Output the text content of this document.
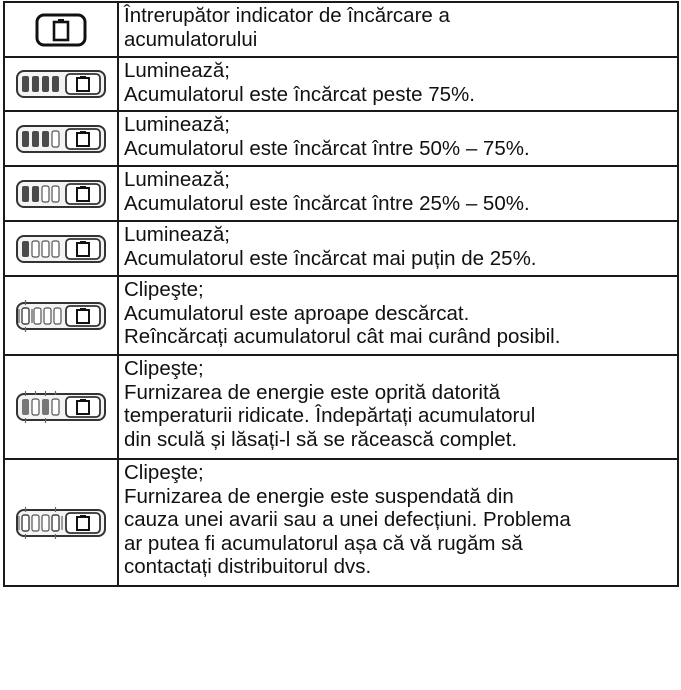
Întrerupător indicator de încărcare a
acumulatorului

Luminează;
Acumulatorul este încărcat peste 75%.

Luminează;
Acumulatorul este încărcat între 50% – 75%.

Luminează;
Acumulatorul este încărcat între 25% – 50%.

Luminează;
Acumulatorul este încărcat mai puțin de 25%.

Clipeşte;
Acumulatorul este aproape descărcat.
Reîncărcați acumulatorul cât mai curând posibil.

Clipeşte;
Furnizarea de energie este oprită datorită
temperaturii ridicate. Îndepărtați acumulatorul
din sculă și lăsați-l să se răcească complet.

Clipeşte;
Furnizarea de energie este suspendată din
cauza unei avarii sau a unei defecțiuni. Problema
ar putea fi acumulatorul așa că vă rugăm să
contactați distribuitorul dvs.
